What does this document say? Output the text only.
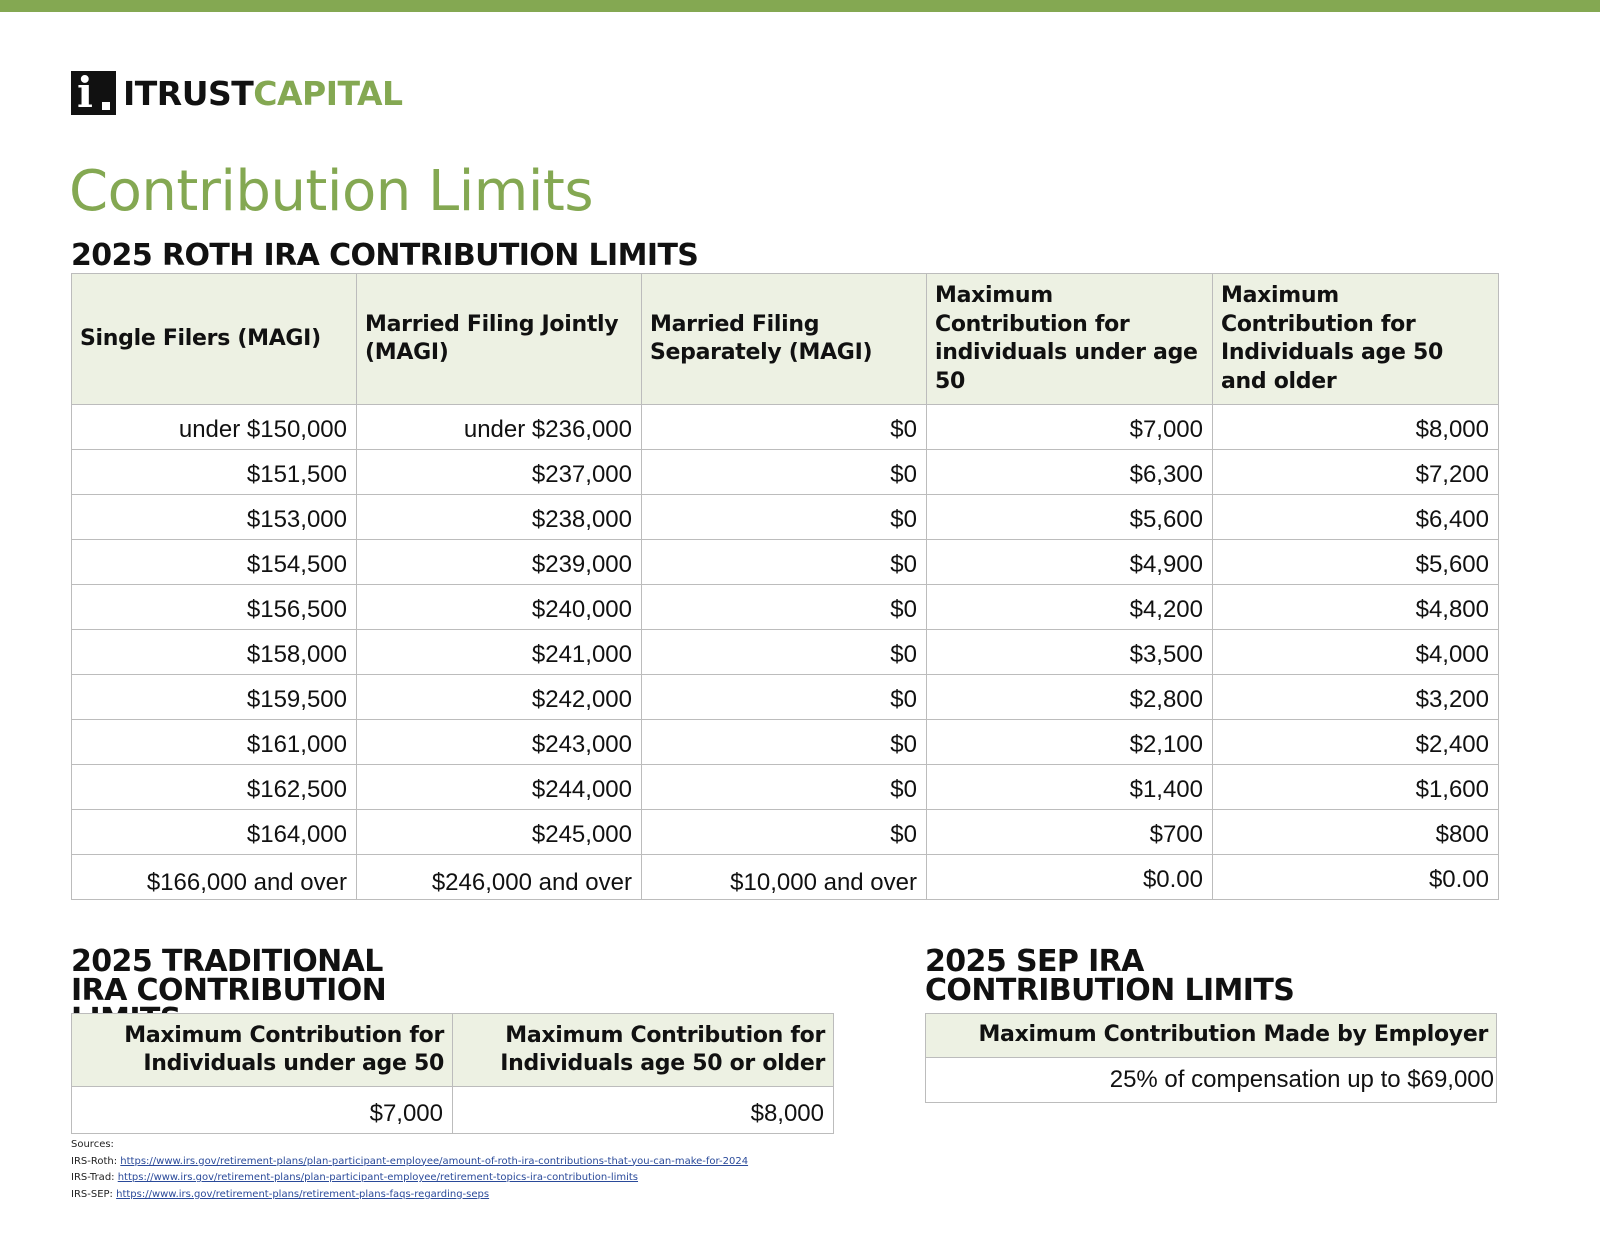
i ITRUSTCAPITAL
Contribution Limits
2025 ROTH IRA CONTRIBUTION LIMITS
Single Filers (MAGI)	Married Filing Jointly (MAGI)	Married Filing Separately (MAGI)	Maximum Contribution for individuals under age 50	Maximum Contribution for Individuals age 50 and older
under $150,000	under $236,000	$0	$7,000	$8,000
$151,500	$237,000	$0	$6,300	$7,200
$153,000	$238,000	$0	$5,600	$6,400
$154,500	$239,000	$0	$4,900	$5,600
$156,500	$240,000	$0	$4,200	$4,800
$158,000	$241,000	$0	$3,500	$4,000
$159,500	$242,000	$0	$2,800	$3,200
$161,000	$243,000	$0	$2,100	$2,400
$162,500	$244,000	$0	$1,400	$1,600
$164,000	$245,000	$0	$700	$800
$166,000 and over	$246,000 and over	$10,000 and over	$0.00	$0.00
2025 TRADITIONAL IRA CONTRIBUTION
Maximum Contribution for Individuals under age 50	Maximum Contribution for Individuals age 50 or older
$7,000	$8,000
2025 SEP IRA CONTRIBUTION LIMITS
Maximum Contribution Made by Employer
25% of compensation up to $69,000
Sources:
IRS-Roth: https://www.irs.gov/retirement-plans/plan-participant-employee/amount-of-roth-ira-contributions-that-you-can-make-for-2024
IRS-Trad: https://www.irs.gov/retirement-plans/plan-participant-employee/retirement-topics-ira-contribution-limits
IRS-SEP: https://www.irs.gov/retirement-plans/retirement-plans-faqs-regarding-seps
